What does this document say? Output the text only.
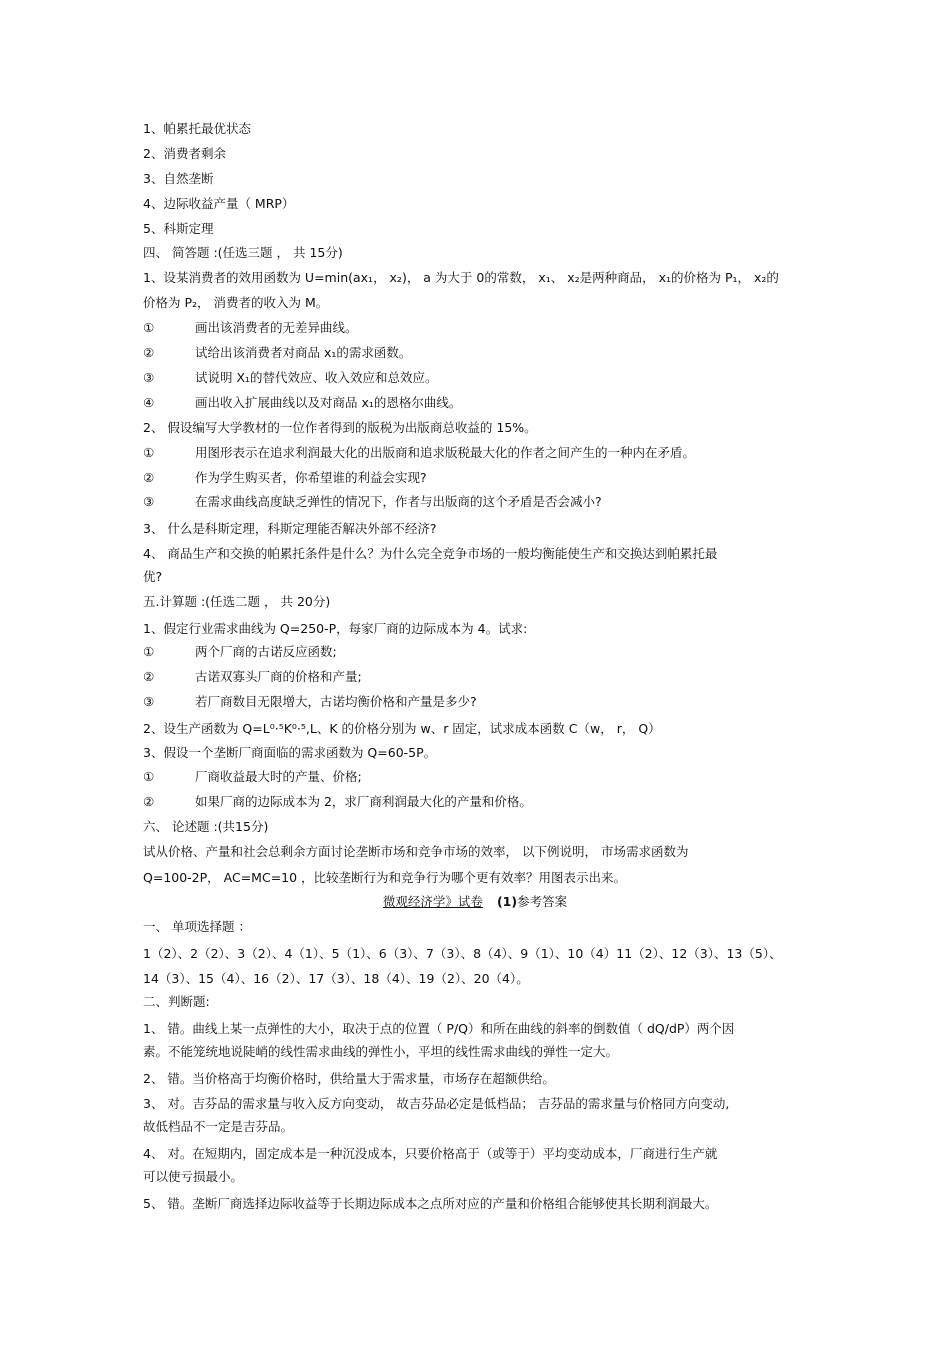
1、帕累托最优状态
2、消费者剩余
3、自然垄断
4、边际收益产量（ MRP）
5、科斯定理
四、 简答题 :(任选三题 ， 共 15分)
1、设某消费者的效用函数为 U=min(ax₁， x₂)， a 为大于 0的常数， x₁、 x₂是两种商品， x₁的价格为 P₁， x₂的
价格为 P₂， 消费者的收入为 M。
①	画出该消费者的无差异曲线。
②	试给出该消费者对商品 x₁的需求函数。
③	试说明 X₁的替代效应、收入效应和总效应。
④	画出收入扩展曲线以及对商品 x₁的恩格尔曲线。
2、 假设编写大学教材的一位作者得到的版税为出版商总收益的 15%。
①	用图形表示在追求利润最大化的出版商和追求版税最大化的作者之间产生的一种内在矛盾。
②	作为学生购买者，你希望谁的利益会实现?
③	在需求曲线高度缺乏弹性的情况下，作者与出版商的这个矛盾是否会减小?
3、 什么是科斯定理，科斯定理能否解决外部不经济?
4、 商品生产和交换的帕累托条件是什么？为什么完全竞争市场的一般均衡能使生产和交换达到帕累托最
优?
五.计算题 :(任选二题 ， 共 20分)
1、假定行业需求曲线为 Q=250-P，每家厂商的边际成本为 4。试求:
①	两个厂商的古诺反应函数;
②	古诺双寡头厂商的价格和产量;
③	若厂商数目无限增大，古诺均衡价格和产量是多少?
2、设生产函数为 Q=L⁰·⁵K⁰·⁵,L、K 的价格分别为 w、r 固定，试求成本函数 C（w， r， Q）
3、假设一个垄断厂商面临的需求函数为 Q=60-5P。
①	厂商收益最大时的产量、价格;
②	如果厂商的边际成本为 2，求厂商利润最大化的产量和价格。
六、 论述题 :(共15分)
试从价格、产量和社会总剩余方面讨论垄断市场和竞争市场的效率， 以下例说明， 市场需求函数为
Q=100-2P， AC=MC=10 ，比较垄断行为和竞争行为哪个更有效率？用图表示出来。
一、 单项选择题 ：
1（2）、2（2）、3（2）、4（1）、5（1）、6（3）、7（3）、8（4）、9（1）、10（4）11（2）、12（3）、13（5）、
14（3）、15（4）、16（2）、17（3）、18（4）、19（2）、20（4）。
二、判断题:
1、 错。曲线上某一点弹性的大小，取决于点的位置（ P/Q）和所在曲线的斜率的倒数值（ dQ/dP）两个因
素。不能笼统地说陡峭的线性需求曲线的弹性小，平坦的线性需求曲线的弹性一定大。
2、 错。当价格高于均衡价格时，供给量大于需求量，市场存在超额供给。
3、 对。吉芬品的需求量与收入反方向变动， 故吉芬品必定是低档品； 吉芬品的需求量与价格同方向变动,
故低档品不一定是吉芬品。
4、 对。在短期内，固定成本是一种沉没成本，只要价格高于（或等于）平均变动成本，厂商进行生产就
可以使亏损最小。
5、 错。垄断厂商选择边际收益等于长期边际成本之点所对应的产量和价格组合能够使其长期利润最大。
微观经济学》试卷 (1)参考答案
